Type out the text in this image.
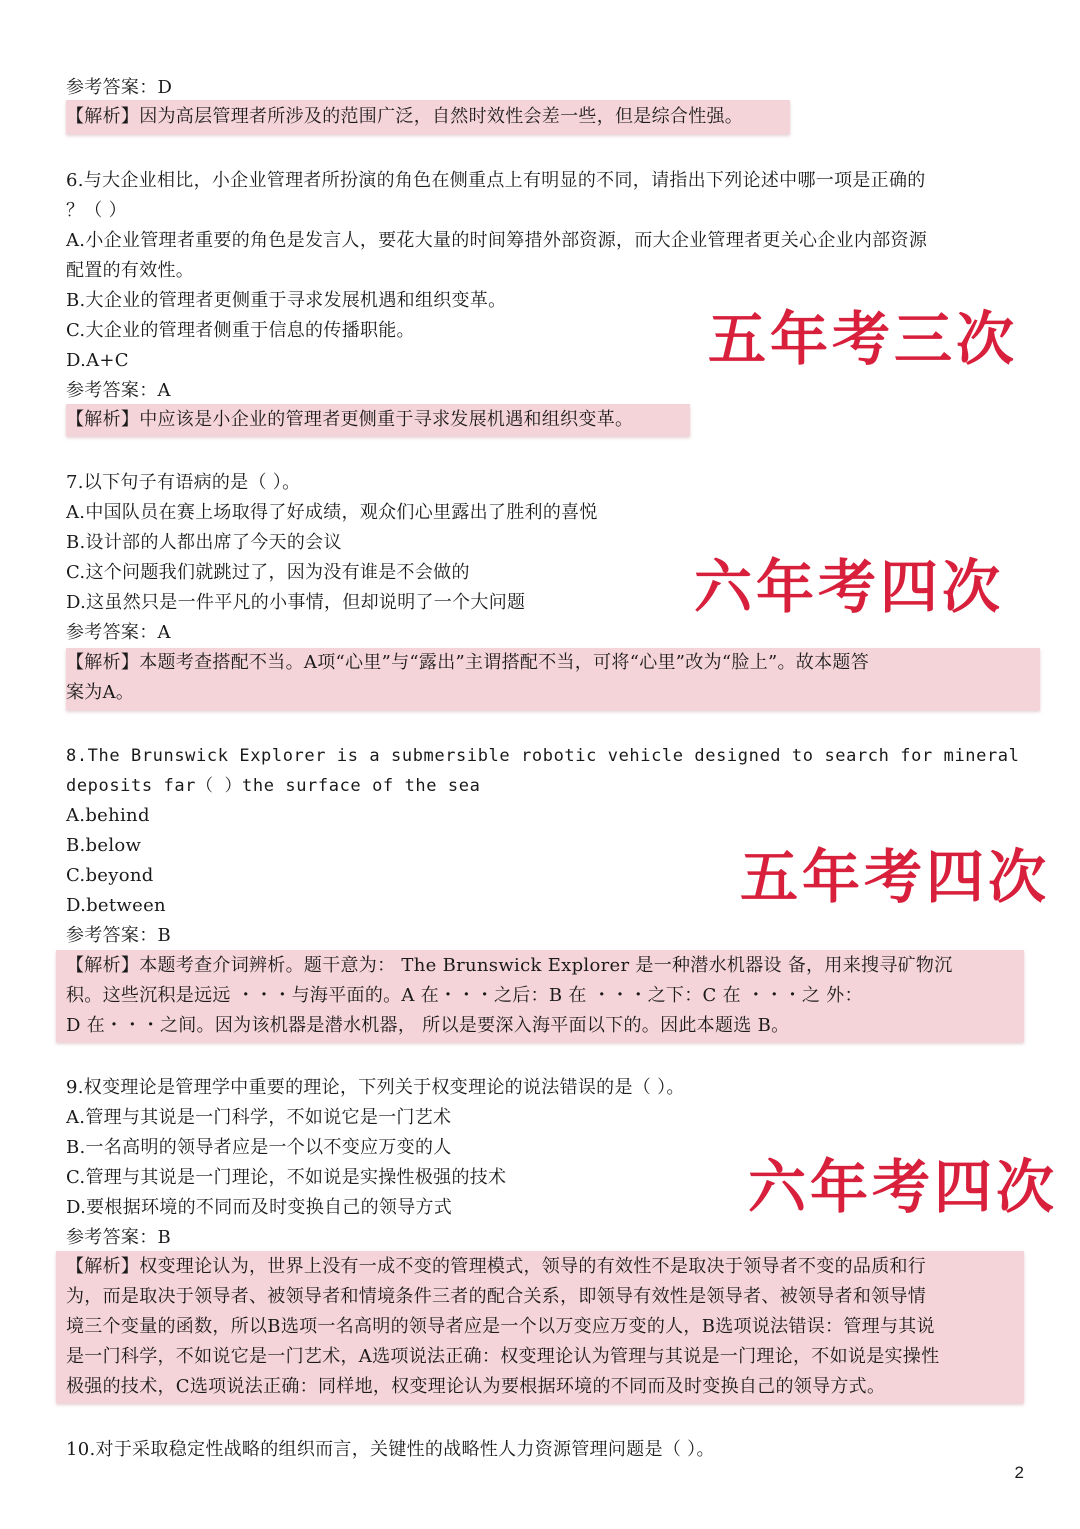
参考答案：D
【解析】因为高层管理者所涉及的范围广泛，自然时效性会差一些，但是综合性强。
6.与大企业相比，小企业管理者所扮演的角色在侧重点上有明显的不同，请指出下列论述中哪一项是正确的
？（ ）
A.小企业管理者重要的角色是发言人，要花大量的时间筹措外部资源，而大企业管理者更关心企业内部资源
配置的有效性。
B.大企业的管理者更侧重于寻求发展机遇和组织变革。
C.大企业的管理者侧重于信息的传播职能。
D.A+C
参考答案：A
【解析】中应该是小企业的管理者更侧重于寻求发展机遇和组织变革。
五年考三次
7.以下句子有语病的是（ ）。
A.中国队员在赛上场取得了好成绩，观众们心里露出了胜利的喜悦
B.设计部的人都出席了今天的会议
C.这个问题我们就跳过了，因为没有谁是不会做的
D.这虽然只是一件平凡的小事情，但却说明了一个大问题
参考答案：A
【解析】本题考查搭配不当。A项“心里”与“露出”主谓搭配不当，可将“心里”改为“脸上”。故本题答
案为A。
六年考四次
8.The Brunswick Explorer is a submersible robotic vehicle designed to search for mineral
deposits far（ ）the surface of the sea
A.behind
B.below
C.beyond
D.between
参考答案：B
【解析】本题考查介词辨析。题干意为： The Brunswick Explorer 是一种潜水机器设 备，用来搜寻矿物沉
积。这些沉积是远远 ・・・与海平面的。A 在・・・之后：B 在 ・・・之下：C 在 ・・・之 外：
D 在・・・之间。因为该机器是潜水机器， 所以是要深入海平面以下的。因此本题选 B。
五年考四次
9.权变理论是管理学中重要的理论，下列关于权变理论的说法错误的是（ ）。
A.管理与其说是一门科学，不如说它是一门艺术
B.一名高明的领导者应是一个以不变应万变的人
C.管理与其说是一门理论，不如说是实操性极强的技术
D.要根据环境的不同而及时变换自己的领导方式
参考答案：B
【解析】权变理论认为，世界上没有一成不变的管理模式，领导的有效性不是取决于领导者不变的品质和行
为，而是取决于领导者、被领导者和情境条件三者的配合关系，即领导有效性是领导者、被领导者和领导情
境三个变量的函数，所以B选项一名高明的领导者应是一个以万变应万变的人，B选项说法错误：管理与其说
是一门科学，不如说它是一门艺术，A选项说法正确：权变理论认为管理与其说是一门理论，不如说是实操性
极强的技术，C选项说法正确：同样地，权变理论认为要根据环境的不同而及时变换自己的领导方式。
六年考四次
10.对于采取稳定性战略的组织而言，关键性的战略性人力资源管理问题是（ ）。
2
